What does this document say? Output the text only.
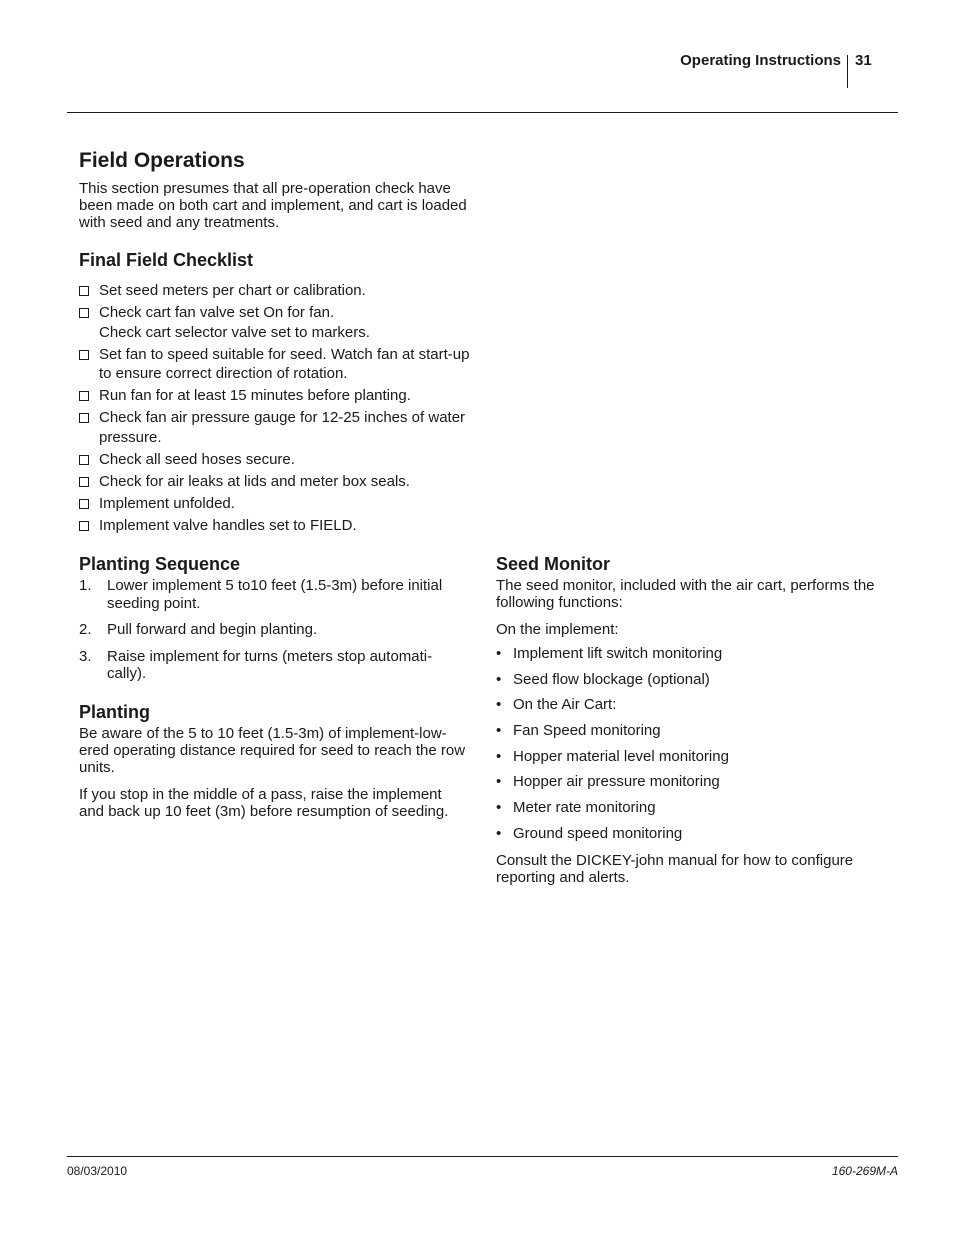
Operating Instructions 31
Field Operations

This section presumes that all pre-operation check have been made on both cart and implement, and cart is loaded with seed and any treatments.

Final Field Checklist
Set seed meters per chart or calibration.
Check cart fan valve set On for fan.
Check cart selector valve set to markers.
Set fan to speed suitable for seed. Watch fan at start-up to ensure correct direction of rotation.
Run fan for at least 15 minutes before planting.
Check fan air pressure gauge for 12-25 inches of water pressure.
Check all seed hoses secure.
Check for air leaks at lids and meter box seals.
Implement unfolded.
Implement valve handles set to FIELD.
Planting Sequence
1. Lower implement 5 to10 feet (1.5-3m) before initial seeding point.
2. Pull forward and begin planting.
3. Raise implement for turns (meters stop automati-cally).
Planting

Be aware of the 5 to 10 feet (1.5-3m) of implement-low-ered operating distance required for seed to reach the row units.

If you stop in the middle of a pass, raise the implement and back up 10 feet (3m) before resumption of seeding.

Seed Monitor

The seed monitor, included with the air cart, performs the following functions:

On the implement:

• Implement lift switch monitoring
• Seed flow blockage (optional)
• On the Air Cart:
• Fan Speed monitoring
• Hopper material level monitoring
• Hopper air pressure monitoring
• Meter rate monitoring
• Ground speed monitoring

Consult the DICKEY-john manual for how to configure reporting and alerts.

08/03/2010	160-269M-A
